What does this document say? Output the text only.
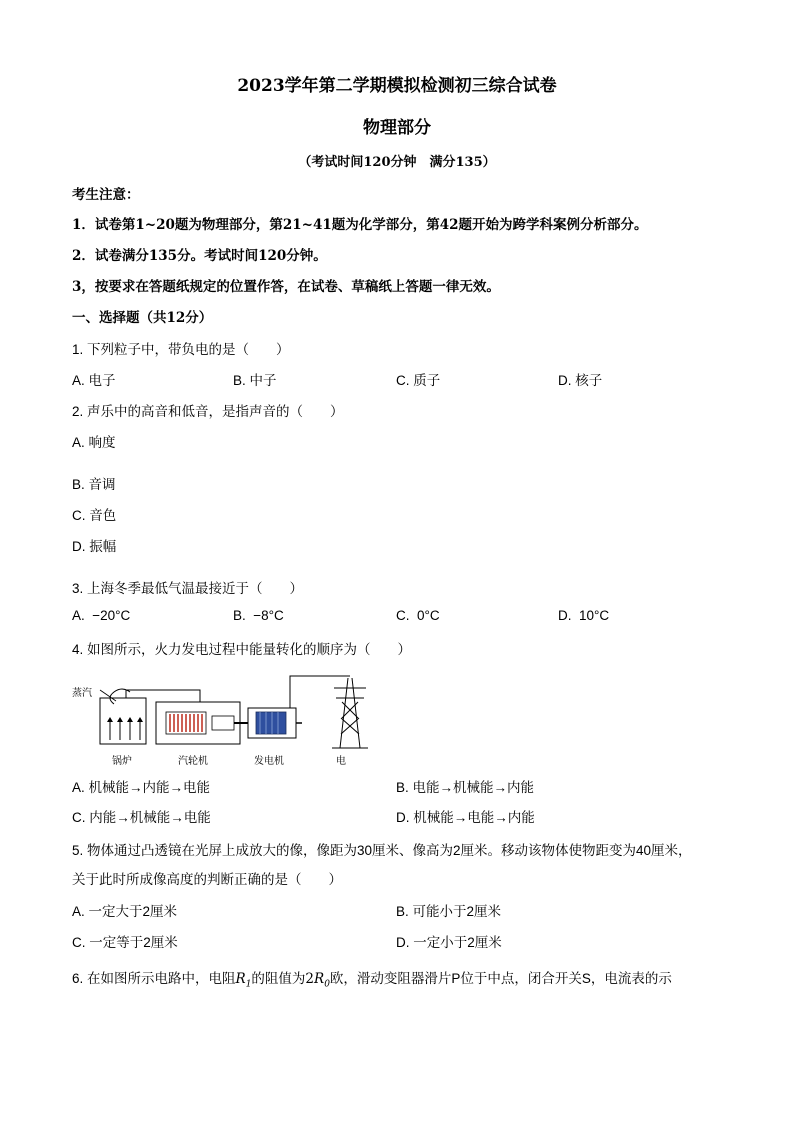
2023学年第二学期模拟检测初三综合试卷
物理部分
（考试时间120分钟　满分135）
考生注意：
1．试卷第1~20题为物理部分，第21~41题为化学部分，第42题开始为跨学科案例分析部分。
2．试卷满分135分。考试时间120分钟。
3，按要求在答题纸规定的位置作答，在试卷、草稿纸上答题一律无效。
一、选择题（共12分）
1. 下列粒子中，带负电的是（　　）
A. 电子	B. 中子	C. 质子	D. 核子
2. 声乐中的高音和低音，是指声音的（　　）
A. 响度
B. 音调
C. 音色
D. 振幅
3. 上海冬季最低气温最接近于（　　）
A.  −20°C	B.  −8°C	C.  0°C	D.  10°C
4. 如图所示，火力发电过程中能量转化的顺序为（　　）
蒸汽
锅炉	汽轮机	发电机	电
A. 机械能→内能→电能	B. 电能→机械能→内能
C. 内能→机械能→电能	D. 机械能→电能→内能
5. 物体通过凸透镜在光屏上成放大的像，像距为30厘米、像高为2厘米。移动该物体使物距变为40厘米，
关于此时所成像高度的判断正确的是（　　）
A. 一定大于2厘米	B. 可能小于2厘米
C. 一定等于2厘米	D. 一定小于2厘米
6. 在如图所示电路中，电阻$R_1$的阻值为$2R_0$欧，滑动变阻器滑片P位于中点，闭合开关S，电流表的示
